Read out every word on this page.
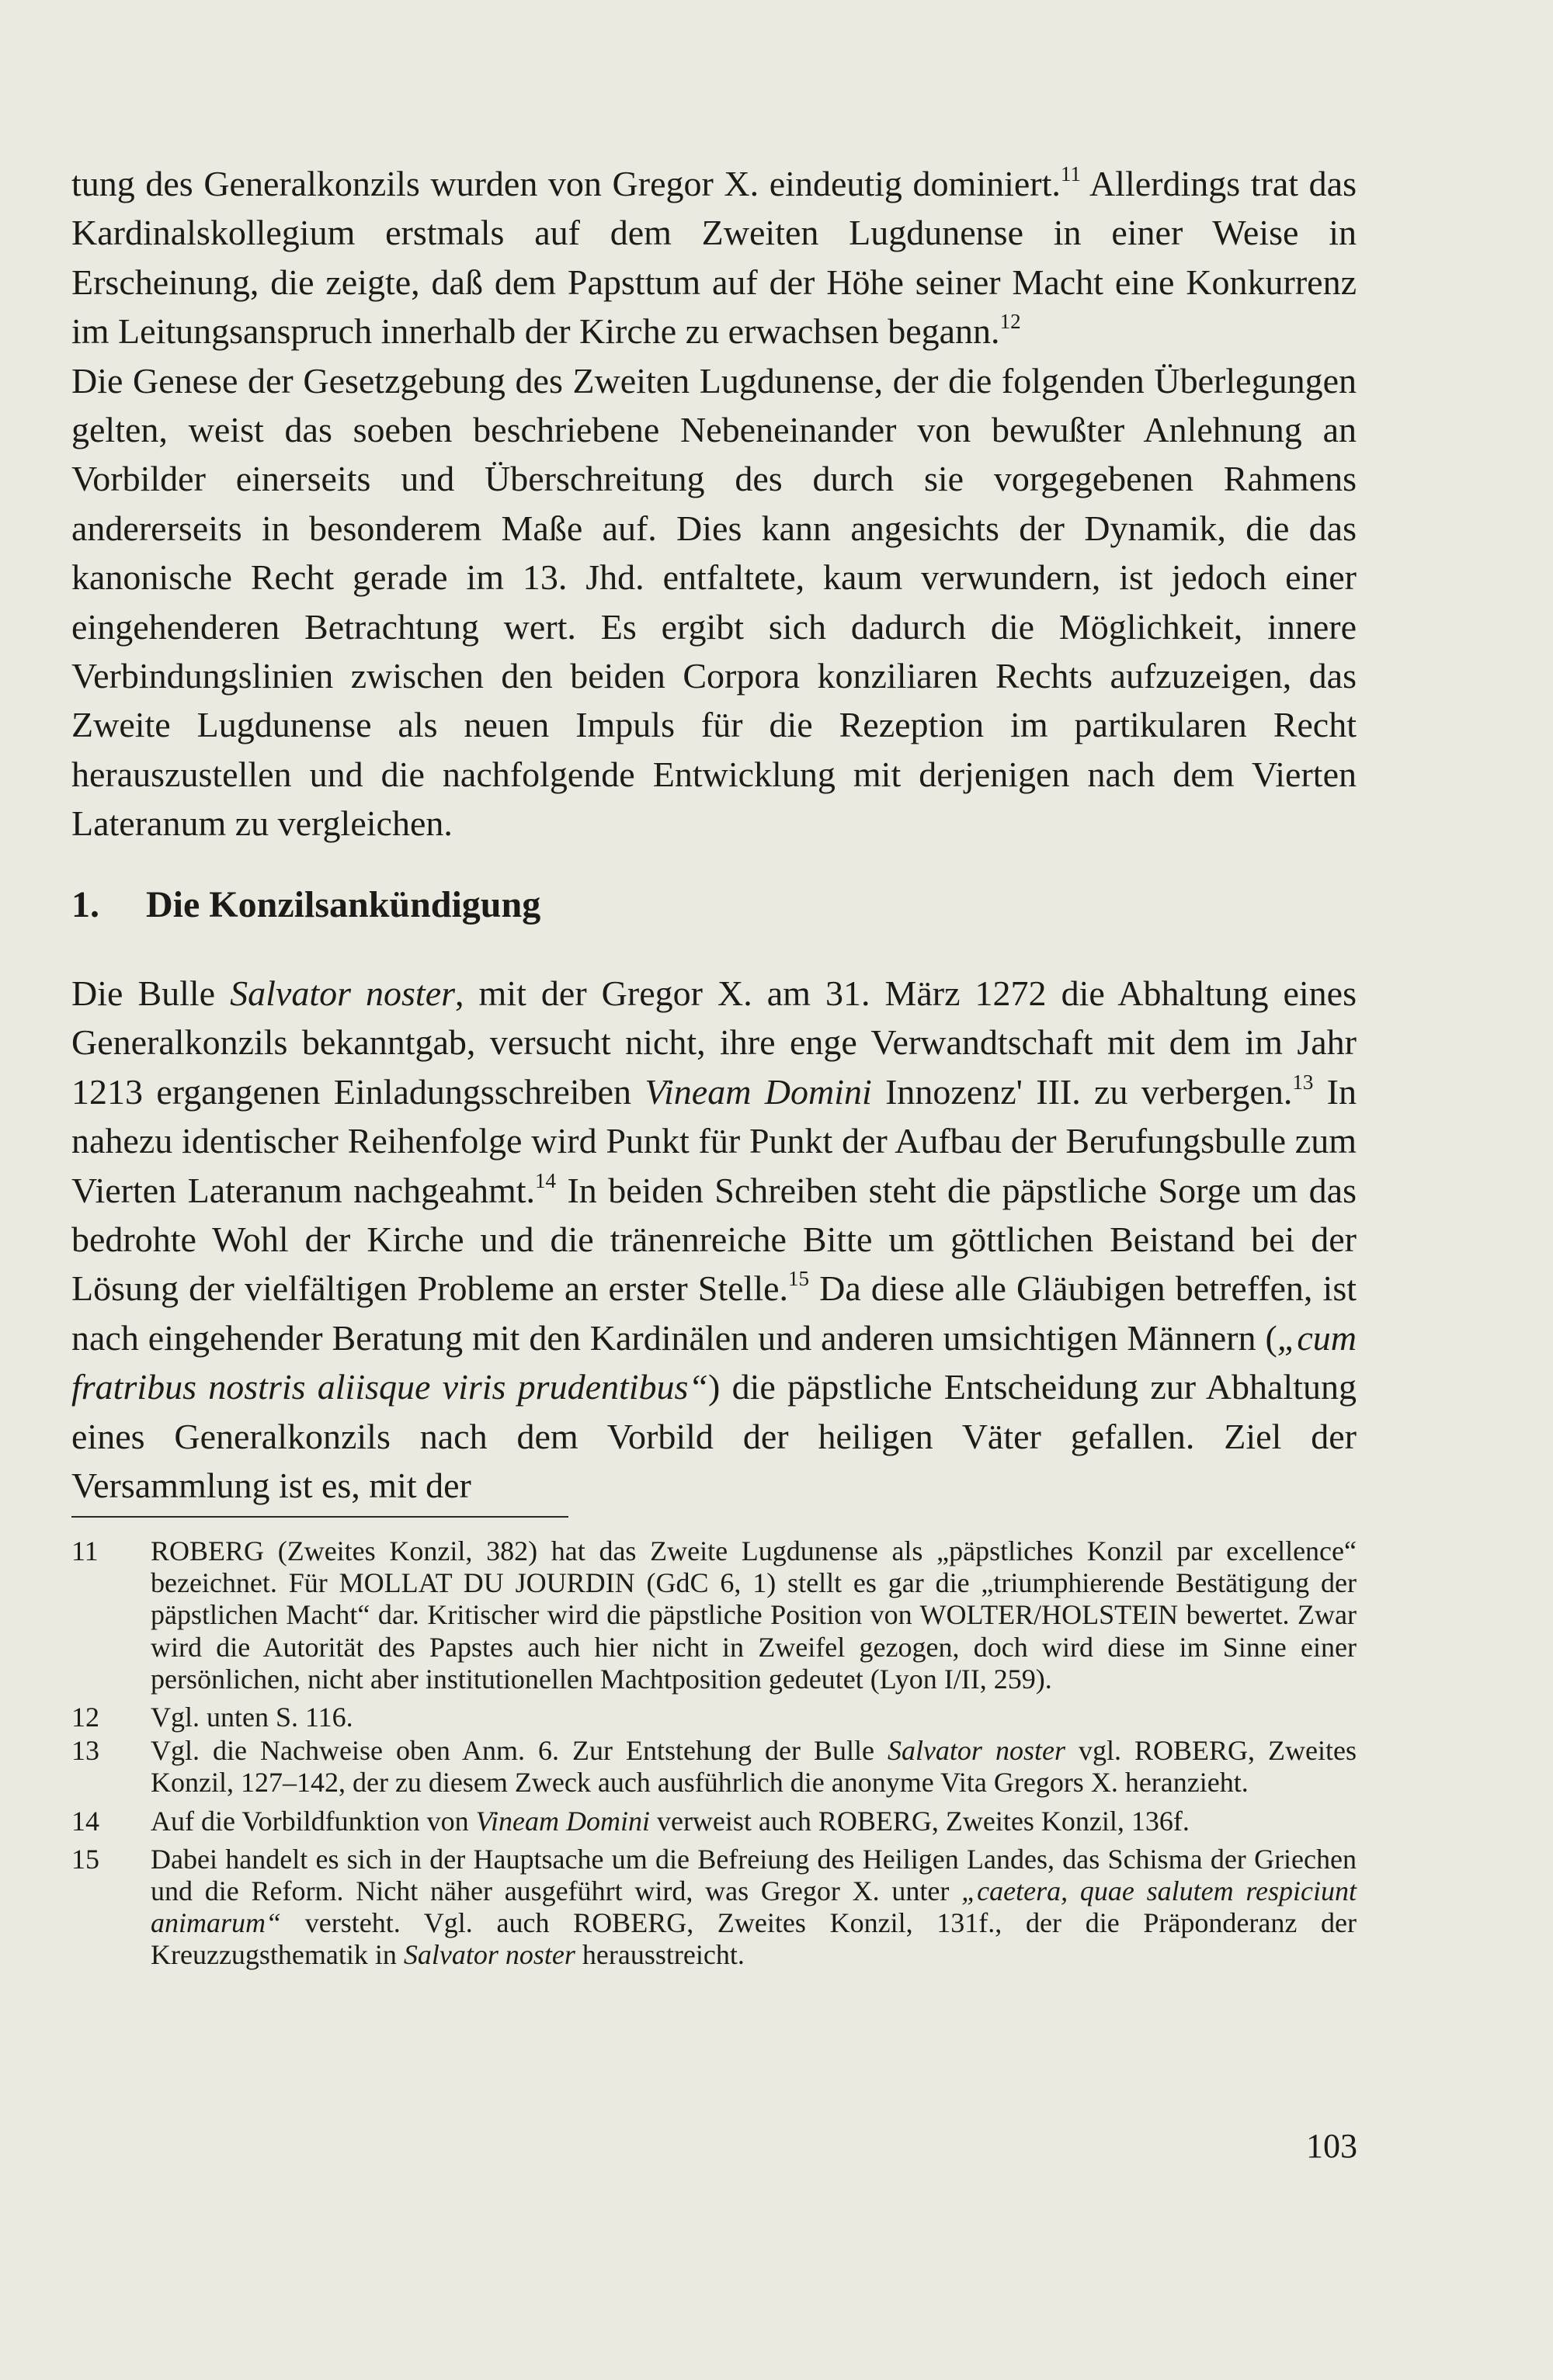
tung des Generalkonzils wurden von Gregor X. eindeutig dominiert.$^{11}$ Allerdings trat das Kardinalskollegium erstmals auf dem Zweiten Lugdunense in einer Weise in Erscheinung, die zeigte, daß dem Papsttum auf der Höhe seiner Macht eine Konkurrenz im Leitungsanspruch innerhalb der Kirche zu erwachsen begann.$^{12}$

Die Genese der Gesetzgebung des Zweiten Lugdunense, der die folgenden Überlegungen gelten, weist das soeben beschriebene Nebeneinander von bewußter Anlehnung an Vorbilder einerseits und Überschreitung des durch sie vorgegebenen Rahmens andererseits in besonderem Maße auf. Dies kann angesichts der Dynamik, die das kanonische Recht gerade im 13. Jhd. entfaltete, kaum verwundern, ist jedoch einer eingehenderen Betrachtung wert. Es ergibt sich dadurch die Möglichkeit, innere Verbindungslinien zwischen den beiden Corpora konziliaren Rechts aufzuzeigen, das Zweite Lugdunense als neuen Impuls für die Rezeption im partikularen Recht herauszustellen und die nachfolgende Entwicklung mit derjenigen nach dem Vierten Lateranum zu vergleichen.

1. Die Konzilsankündigung

Die Bulle Salvator noster, mit der Gregor X. am 31. März 1272 die Abhaltung eines Generalkonzils bekanntgab, versucht nicht, ihre enge Verwandtschaft mit dem im Jahr 1213 ergangenen Einladungsschreiben Vineam Domini Innozenz' III. zu verbergen.$^{13}$ In nahezu identischer Reihenfolge wird Punkt für Punkt der Aufbau der Berufungsbulle zum Vierten Lateranum nachgeahmt.$^{14}$ In beiden Schreiben steht die päpstliche Sorge um das bedrohte Wohl der Kirche und die tränenreiche Bitte um göttlichen Beistand bei der Lösung der vielfältigen Probleme an erster Stelle.$^{15}$ Da diese alle Gläubigen betreffen, ist nach eingehender Beratung mit den Kardinälen und anderen umsichtigen Männern („cum fratribus nostris aliisque viris prudentibus“) die päpstliche Entscheidung zur Abhaltung eines Generalkonzils nach dem Vorbild der heiligen Väter gefallen. Ziel der Versammlung ist es, mit der

11	ROBERG (Zweites Konzil, 382) hat das Zweite Lugdunense als „päpstliches Konzil par excellence“ bezeichnet. Für MOLLAT DU JOURDIN (GdC 6, 1) stellt es gar die „triumphierende Bestätigung der päpstlichen Macht“ dar. Kritischer wird die päpstliche Position von WOLTER/HOLSTEIN bewertet. Zwar wird die Autorität des Papstes auch hier nicht in Zweifel gezogen, doch wird diese im Sinne einer persönlichen, nicht aber institutionellen Machtposition gedeutet (Lyon I/II, 259).
12	Vgl. unten S. 116.
13	Vgl. die Nachweise oben Anm. 6. Zur Entstehung der Bulle Salvator noster vgl. ROBERG, Zweites Konzil, 127–142, der zu diesem Zweck auch ausführlich die anonyme Vita Gregors X. heranzieht.
14	Auf die Vorbildfunktion von Vineam Domini verweist auch ROBERG, Zweites Konzil, 136f.
15	Dabei handelt es sich in der Hauptsache um die Befreiung des Heiligen Landes, das Schisma der Griechen und die Reform. Nicht näher ausgeführt wird, was Gregor X. unter „caetera, quae salutem respiciunt animarum“ versteht. Vgl. auch ROBERG, Zweites Konzil, 131f., der die Präponderanz der Kreuzzugsthematik in Salvator noster herausstreicht.
103
